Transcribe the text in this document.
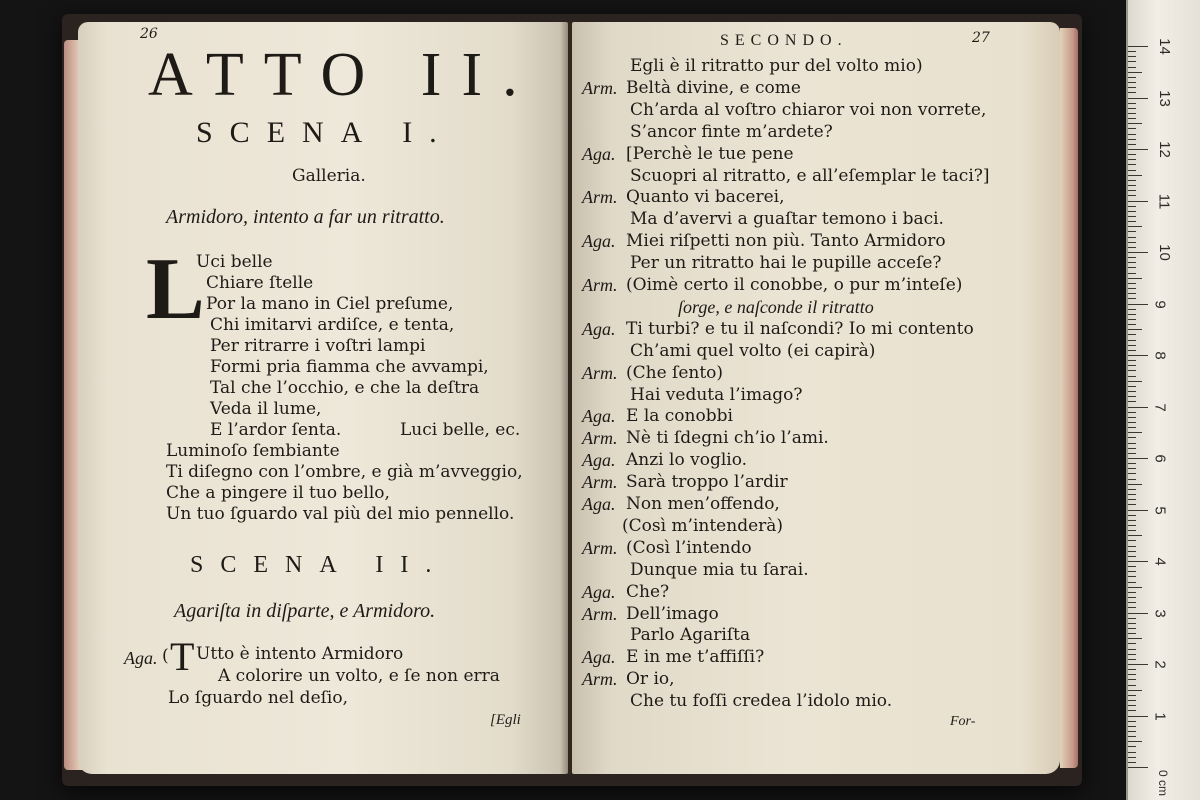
26
ATTO II.
SCENA I.
Galleria.
Armidoro, intento a far un ritratto.
L
Uci belle
Chiare ſtelle
Por la mano in Ciel preſume,
Chi imitarvi ardiſce, e tenta,
Per ritrarre i voſtri lampi
Formi pria fiamma che avvampi,
Tal che l’occhio, e che la deſtra
Veda il lume,
E l’ardor ſenta.	Luci belle, ec.
Luminoſo ſembiante
Ti diſegno con l’ombre, e già m’avveggio,
Che a pingere il tuo bello,
Un tuo ſguardo val più del mio pennello.
SCENA II.
Agariſta in diſparte, e Armidoro.
Aga. ( T Utto è intento Armidoro
A colorire un volto, e ſe non erra
Lo ſguardo nel deſio,
[Egli
SECONDO.	27
Egli è il ritratto pur del volto mio)
Arm. Beltà divine, e come
Ch’arda al voſtro chiaror voi non vorrete,
S’ancor finte m’ardete?
Aga. [Perchè le tue pene
Scuopri al ritratto, e all’eſemplar le taci?]
Arm. Quanto vi bacerei,
Ma d’avervi a guaſtar temono i baci.
Aga. Miei riſpetti non più. Tanto Armidoro
Per un ritratto hai le pupille acceſe?
Arm. (Oimè certo il conobbe, o pur m’inteſe)
ſorge, e naſconde il ritratto
Aga. Ti turbi? e tu il naſcondi? Io mi contento
Ch’ami quel volto (ei capirà)
Arm. (Che ſento)
Hai veduta l’imago?
Aga. E la conobbi
Arm. Nè ti ſdegni ch’io l’ami.
Aga. Anzi lo voglio.
Arm. Sarà troppo l’ardir
Aga. Non men’offendo,
(Così m’intenderà)
Arm. (Così l’intendo
Dunque mia tu ſarai.
Aga. Che?
Arm. Dell’imago
Parlo Agariſta
Aga. E in me t’affiſſi?
Arm. Or io,
Che tu foſſi credea l’idolo mio.
For-
0 cm
14
13
12
11
10
9
8
7
6
5
4
3
2
1
